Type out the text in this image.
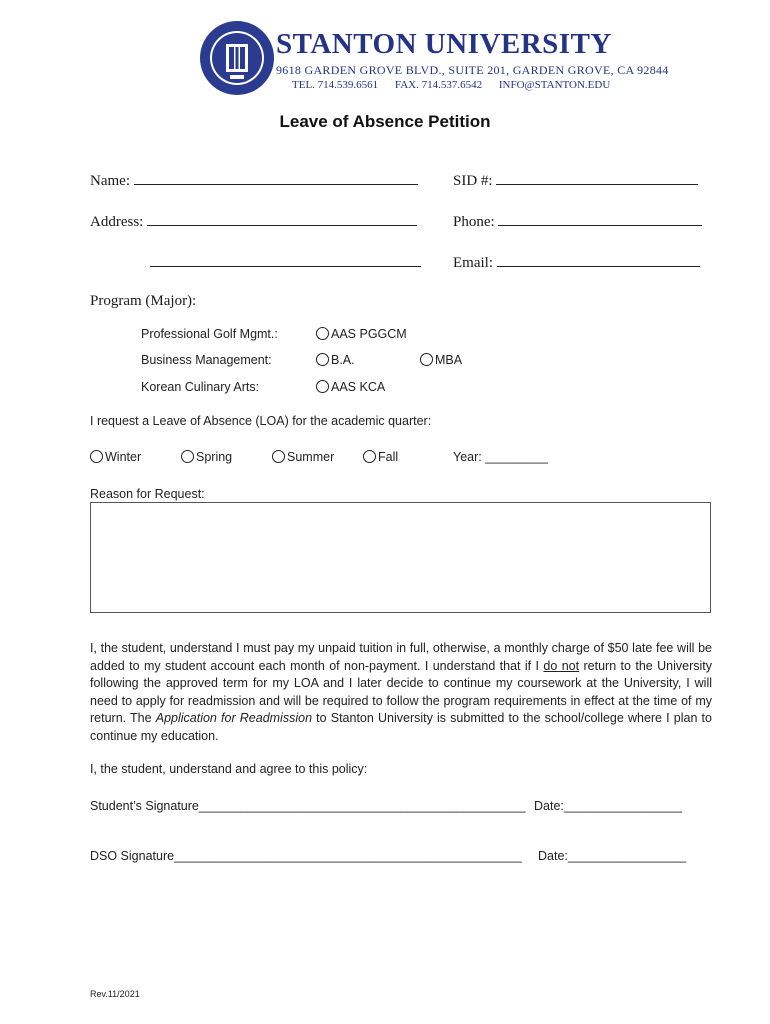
STANTON UNIVERSITY
9618 GARDEN GROVE BLVD., SUITE 201, GARDEN GROVE, CA 92844
TEL. 714.539.6561 FAX. 714.537.6542 INFO@STANTON.EDU
Leave of Absence Petition
Name:	SID #:
Address:	Phone:
Email:
Program (Major):
Professional Golf Mgmt.:	AAS PGGCM
Business Management:	B.A.	MBA
Korean Culinary Arts:	AAS KCA
I request a Leave of Absence (LOA) for the academic quarter:
Winter	Spring	Summer	Fall	Year: _________
Reason for Request:
I, the student, understand I must pay my unpaid tuition in full, otherwise, a monthly charge of $50 late fee will be added to my student account each month of non-payment. I understand that if I do not return to the University following the approved term for my LOA and I later decide to continue my coursework at the University, I will need to apply for readmission and will be required to follow the program requirements in effect at the time of my return. The Application for Readmission to Stanton University is submitted to the school/college where I plan to continue my education.
I, the student, understand and agree to this policy:
Student’s Signature_______________________________________________ Date:_________________
DSO Signature__________________________________________________ Date:_________________
Rev.11/2021
